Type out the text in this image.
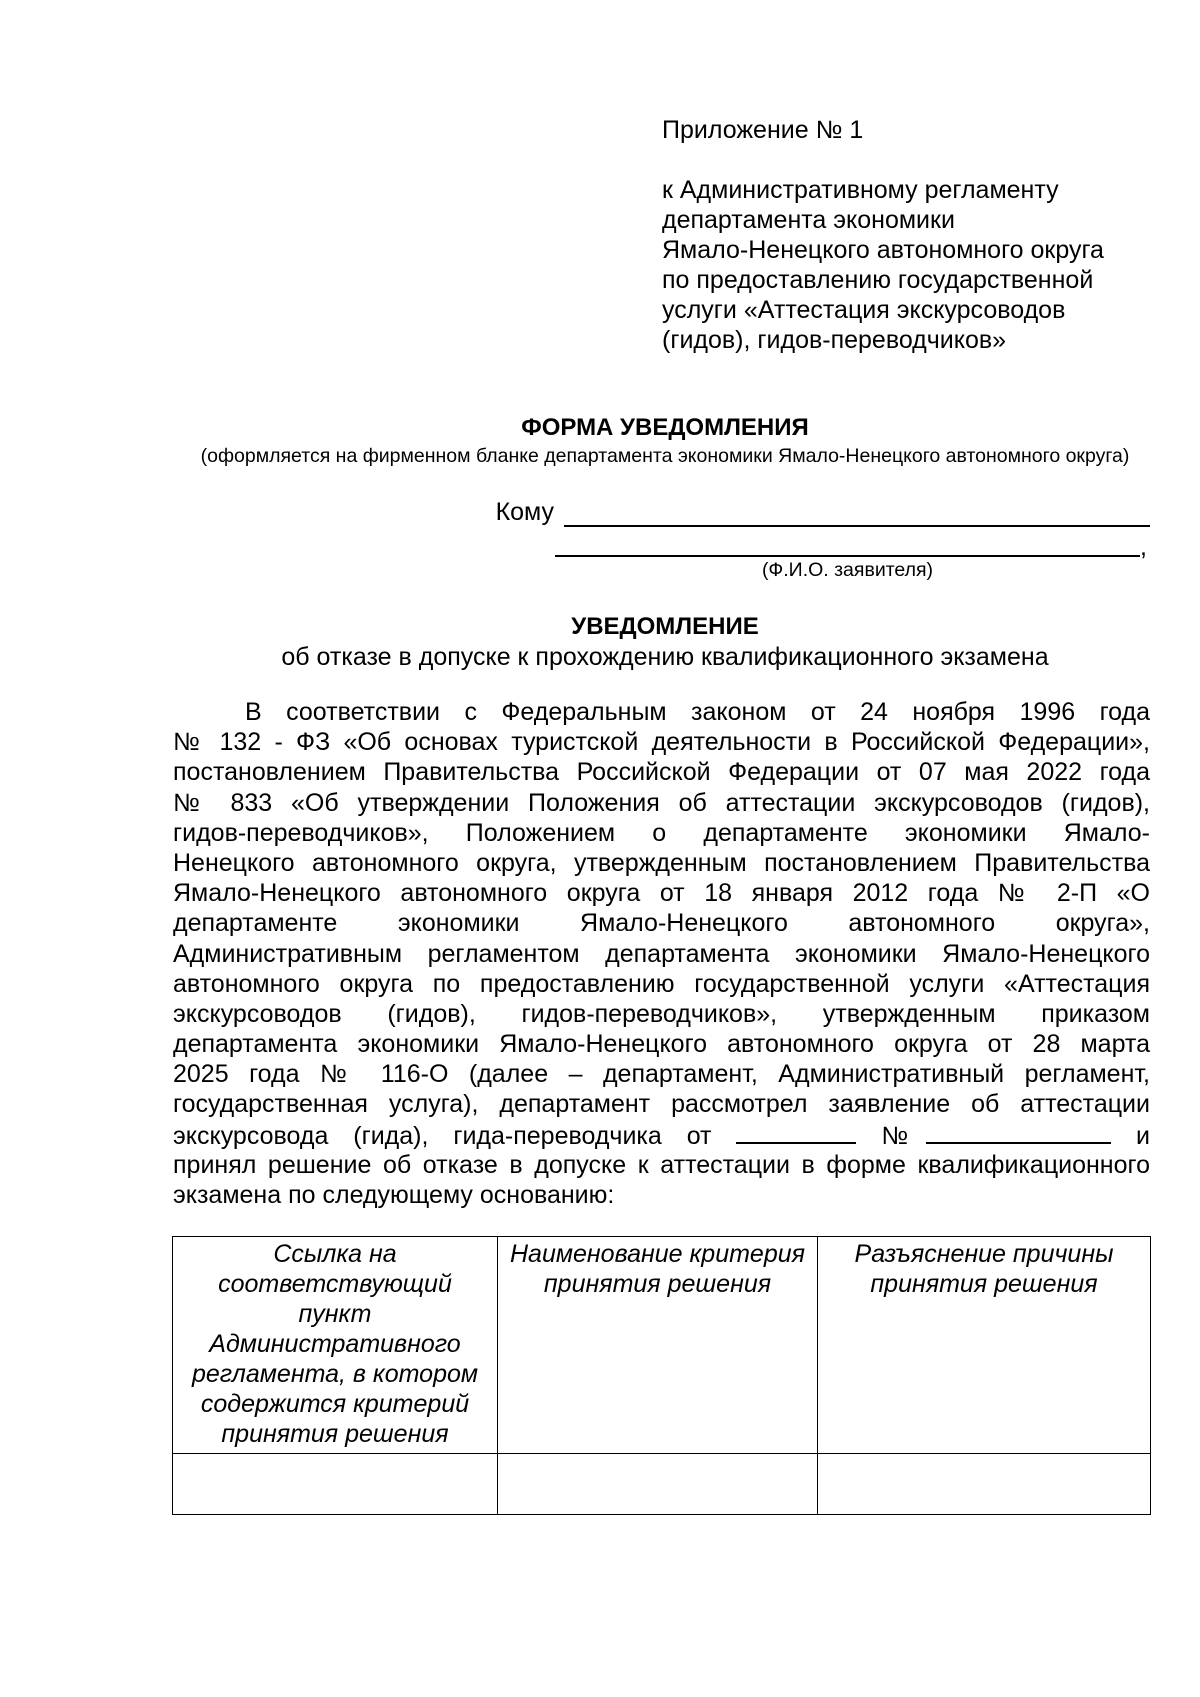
Приложение № 1
к Административному регламенту
департамента экономики
Ямало-Ненецкого автономного округа
по предоставлению государственной
услуги «Аттестация экскурсоводов
(гидов), гидов-переводчиков»
ФОРМА УВЕДОМЛЕНИЯ
(оформляется на фирменном бланке департамента экономики Ямало-Ненецкого автономного округа)
Кому
,
(Ф.И.О. заявителя)
УВЕДОМЛЕНИЕ
об отказе в допуске к прохождению квалификационного экзамена
В соответствии с Федеральным законом от 24 ноября 1996 года
№ 132 - ФЗ «Об основах туристской деятельности в Российской Федерации»,
постановлением Правительства Российской Федерации от 07 мая 2022 года
№ 833 «Об утверждении Положения об аттестации экскурсоводов (гидов),
гидов-переводчиков», Положением о департаменте экономики Ямало-
Ненецкого автономного округа, утвержденным постановлением Правительства
Ямало-Ненецкого автономного округа от 18 января 2012 года № 2-П «О
департаменте экономики Ямало-Ненецкого автономного округа»,
Административным регламентом департамента экономики Ямало-Ненецкого
автономного округа по предоставлению государственной услуги «Аттестация
экскурсоводов (гидов), гидов-переводчиков», утвержденным приказом
департамента экономики Ямало-Ненецкого автономного округа от 28 марта
2025 года № 116-О (далее – департамент, Административный регламент,
государственная услуга), департамент рассмотрел заявление об аттестации
экскурсовода (гида), гида-переводчика от	№	и
принял решение об отказе в допуске к аттестации в форме квалификационного
экзамена по следующему основанию:
Ссылка на соответствующий пункт Административного регламента, в котором содержится критерий принятия решения	Наименование критерия принятия решения	Разъяснение причины принятия решения
